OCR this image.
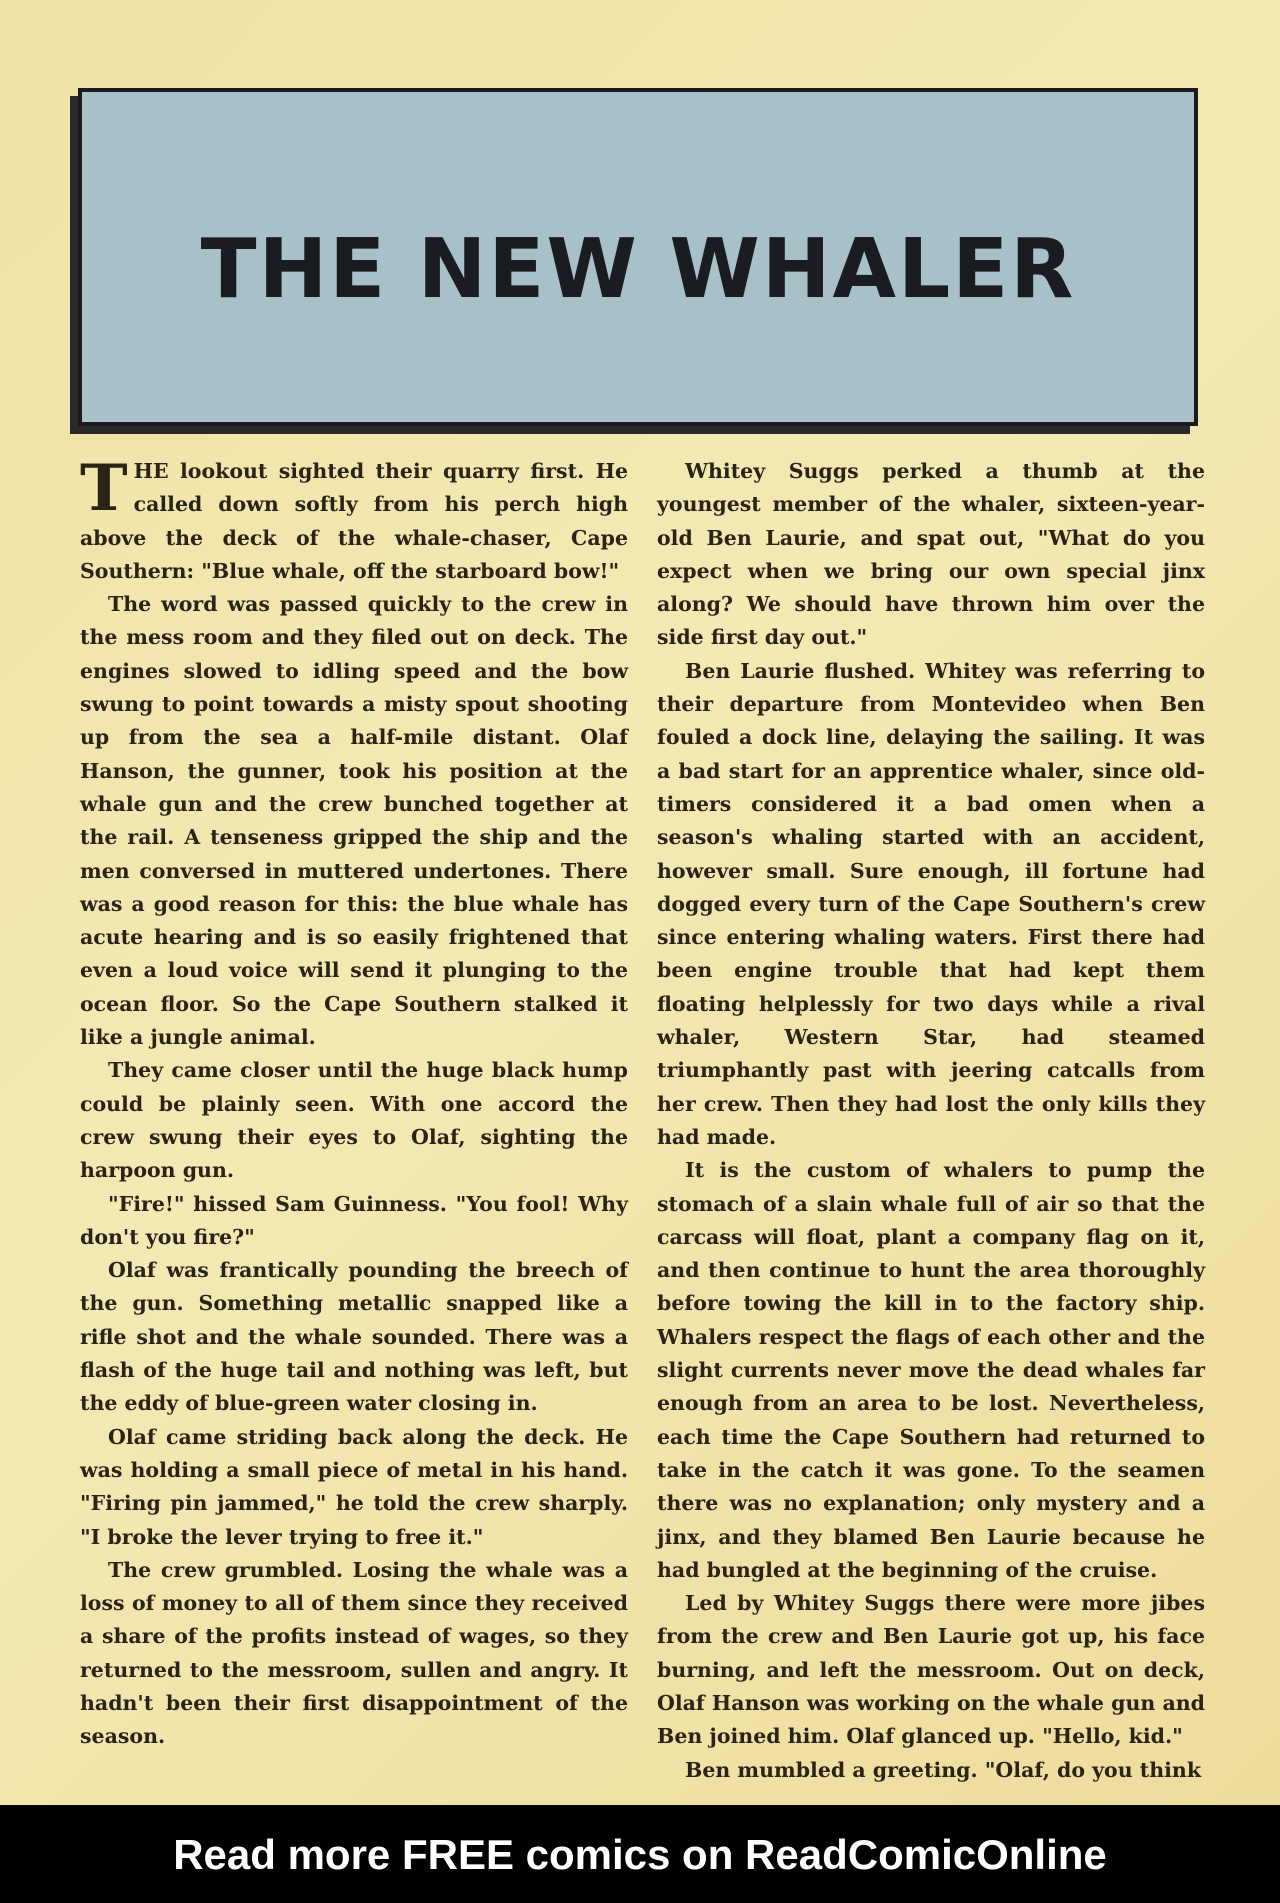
THE NEW WHALER

THE lookout sighted their quarry first. He called down softly from his perch high above the deck of the whale-chaser, Cape Southern: "Blue whale, off the starboard bow!"

The word was passed quickly to the crew in the mess room and they filed out on deck. The engines slowed to idling speed and the bow swung to point towards a misty spout shooting up from the sea a half-mile distant. Olaf Hanson, the gunner, took his position at the whale gun and the crew bunched together at the rail. A tenseness gripped the ship and the men conversed in muttered undertones. There was a good reason for this: the blue whale has acute hearing and is so easily frightened that even a loud voice will send it plunging to the ocean floor. So the Cape Southern stalked it like a jungle animal.

They came closer until the huge black hump could be plainly seen. With one accord the crew swung their eyes to Olaf, sighting the harpoon gun.

"Fire!" hissed Sam Guinness. "You fool! Why don't you fire?"

Olaf was frantically pounding the breech of the gun. Something metallic snapped like a rifle shot and the whale sounded. There was a flash of the huge tail and nothing was left, but the eddy of blue-green water closing in.

Olaf came striding back along the deck. He was holding a small piece of metal in his hand. "Firing pin jammed," he told the crew sharply. "I broke the lever trying to free it."

The crew grumbled. Losing the whale was a loss of money to all of them since they received a share of the profits instead of wages, so they returned to the messroom, sullen and angry. It hadn't been their first disappointment of the season.

Whitey Suggs perked a thumb at the youngest member of the whaler, sixteen-year-old Ben Laurie, and spat out, "What do you expect when we bring our own special jinx along? We should have thrown him over the side first day out."

Ben Laurie flushed. Whitey was referring to their departure from Montevideo when Ben fouled a dock line, delaying the sailing. It was a bad start for an apprentice whaler, since old-timers considered it a bad omen when a season's whaling started with an accident, however small. Sure enough, ill fortune had dogged every turn of the Cape Southern's crew since entering whaling waters. First there had been engine trouble that had kept them floating helplessly for two days while a rival whaler, Western Star, had steamed triumphantly past with jeering catcalls from her crew. Then they had lost the only kills they had made.

It is the custom of whalers to pump the stomach of a slain whale full of air so that the carcass will float, plant a company flag on it, and then continue to hunt the area thoroughly before towing the kill in to the factory ship. Whalers respect the flags of each other and the slight currents never move the dead whales far enough from an area to be lost. Nevertheless, each time the Cape Southern had returned to take in the catch it was gone. To the seamen there was no explanation; only mystery and a jinx, and they blamed Ben Laurie because he had bungled at the beginning of the cruise.

Led by Whitey Suggs there were more jibes from the crew and Ben Laurie got up, his face burning, and left the messroom. Out on deck, Olaf Hanson was working on the whale gun and Ben joined him. Olaf glanced up. "Hello, kid."

Ben mumbled a greeting. "Olaf, do you think

Read more FREE comics on ReadComicOnline
